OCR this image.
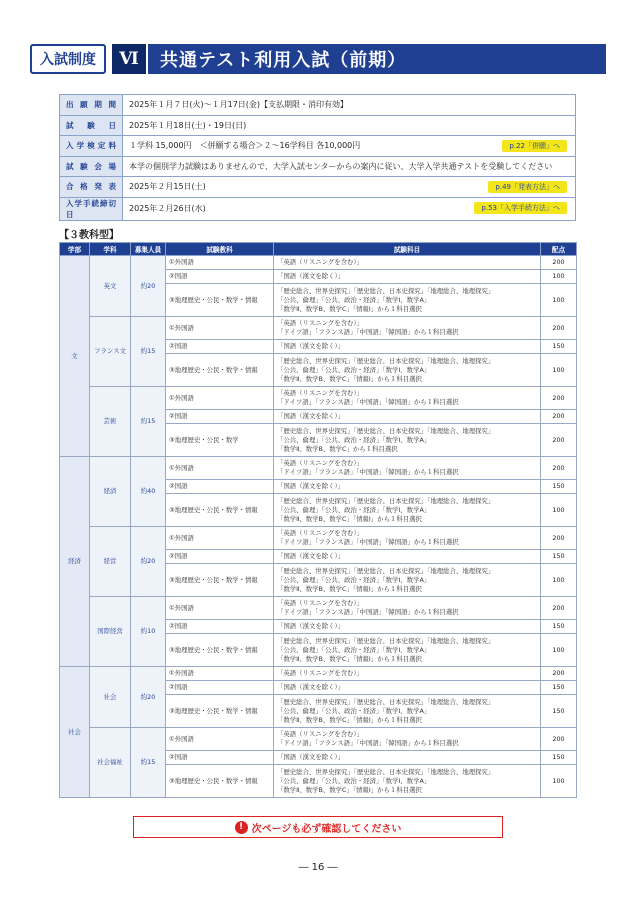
入試制度	Ⅵ	共通テスト利用入試（前期）
出 願 期 間	2025年１月７日(火)～１月17日(金)【支払期限・消印有効】
試 験 日	2025年１月18日(土)・19日(日)
入学検定料	１学科 15,000円　＜併願する場合＞２～16学科目 各10,000円 p.22「併願」へ

試 験 会 場	本学の個別学力試験はありませんので、大学入試センターからの案内に従い、大学入学共通テストを受験してください
合 格 発 表	2025年２月15日(土) p.49「発表方法」へ

入学手続締切日	2025年２月26日(水) p.53「入学手続方法」へ
【３教科型】
学部	学科	募集人員	試験教科	試験科目	配点
文	英文	約20	①外国語	「英語（リスニングを含む）」	200
			②国語	「国語（漢文を除く）」	100
			③地理歴史・公民・数学・情報	「歴史総合、世界史探究」「歴史総合、日本史探究」「地理総合、地理探究」
「公共、倫理」「公共、政治・経済」「数学Ⅰ、数学A」
「数学Ⅱ、数学B、数学C」「情報Ⅰ」から１科目選択	100
	フランス文	約15	①外国語	「英語（リスニングを含む）」
「ドイツ語」「フランス語」「中国語」「韓国語」から１科目選択	200
			②国語	「国語（漢文を除く）」	150
			③地理歴史・公民・数学・情報	「歴史総合、世界史探究」「歴史総合、日本史探究」「地理総合、地理探究」
「公共、倫理」「公共、政治・経済」「数学Ⅰ、数学A」
「数学Ⅱ、数学B、数学C」「情報Ⅰ」から１科目選択	100
	芸術	約15	①外国語	「英語（リスニングを含む）」
「ドイツ語」「フランス語」「中国語」「韓国語」から１科目選択	200
			②国語	「国語（漢文を除く）」	200
			③地理歴史・公民・数学	「歴史総合、世界史探究」「歴史総合、日本史探究」「地理総合、地理探究」
「公共、倫理」「公共、政治・経済」「数学Ⅰ、数学A」
「数学Ⅱ、数学B、数学C」から１科目選択	200
経済	経済	約40	①外国語	「英語（リスニングを含む）」
「ドイツ語」「フランス語」「中国語」「韓国語」から１科目選択	200
			②国語	「国語（漢文を除く）」	150
			③地理歴史・公民・数学・情報	「歴史総合、世界史探究」「歴史総合、日本史探究」「地理総合、地理探究」
「公共、倫理」「公共、政治・経済」「数学Ⅰ、数学A」
「数学Ⅱ、数学B、数学C」「情報Ⅰ」から１科目選択	100
	経営	約20	①外国語	「英語（リスニングを含む）」
「ドイツ語」「フランス語」「中国語」「韓国語」から１科目選択	200
			②国語	「国語（漢文を除く）」	150
			③地理歴史・公民・数学・情報	「歴史総合、世界史探究」「歴史総合、日本史探究」「地理総合、地理探究」
「公共、倫理」「公共、政治・経済」「数学Ⅰ、数学A」
「数学Ⅱ、数学B、数学C」「情報Ⅰ」から１科目選択	100
	国際経営	約10	①外国語	「英語（リスニングを含む）」
「ドイツ語」「フランス語」「中国語」「韓国語」から１科目選択	200
			②国語	「国語（漢文を除く）」	150
			③地理歴史・公民・数学・情報	「歴史総合、世界史探究」「歴史総合、日本史探究」「地理総合、地理探究」
「公共、倫理」「公共、政治・経済」「数学Ⅰ、数学A」
「数学Ⅱ、数学B、数学C」「情報Ⅰ」から１科目選択	100
社会	社会	約20	①外国語	「英語（リスニングを含む）」	200
			②国語	「国語（漢文を除く）」	150
			③地理歴史・公民・数学・情報	「歴史総合、世界史探究」「歴史総合、日本史探究」「地理総合、地理探究」
「公共、倫理」「公共、政治・経済」「数学Ⅰ、数学A」
「数学Ⅱ、数学B、数学C」「情報Ⅰ」から１科目選択	150
	社会福祉	約15	①外国語	「英語（リスニングを含む）」
「ドイツ語」「フランス語」「中国語」「韓国語」から１科目選択	200
			②国語	「国語（漢文を除く）」	150
			③地理歴史・公民・数学・情報	「歴史総合、世界史探究」「歴史総合、日本史探究」「地理総合、地理探究」
「公共、倫理」「公共、政治・経済」「数学Ⅰ、数学A」
「数学Ⅱ、数学B、数学C」「情報Ⅰ」から１科目選択	100
! 次ページも必ず確認してください
― 16 ―
